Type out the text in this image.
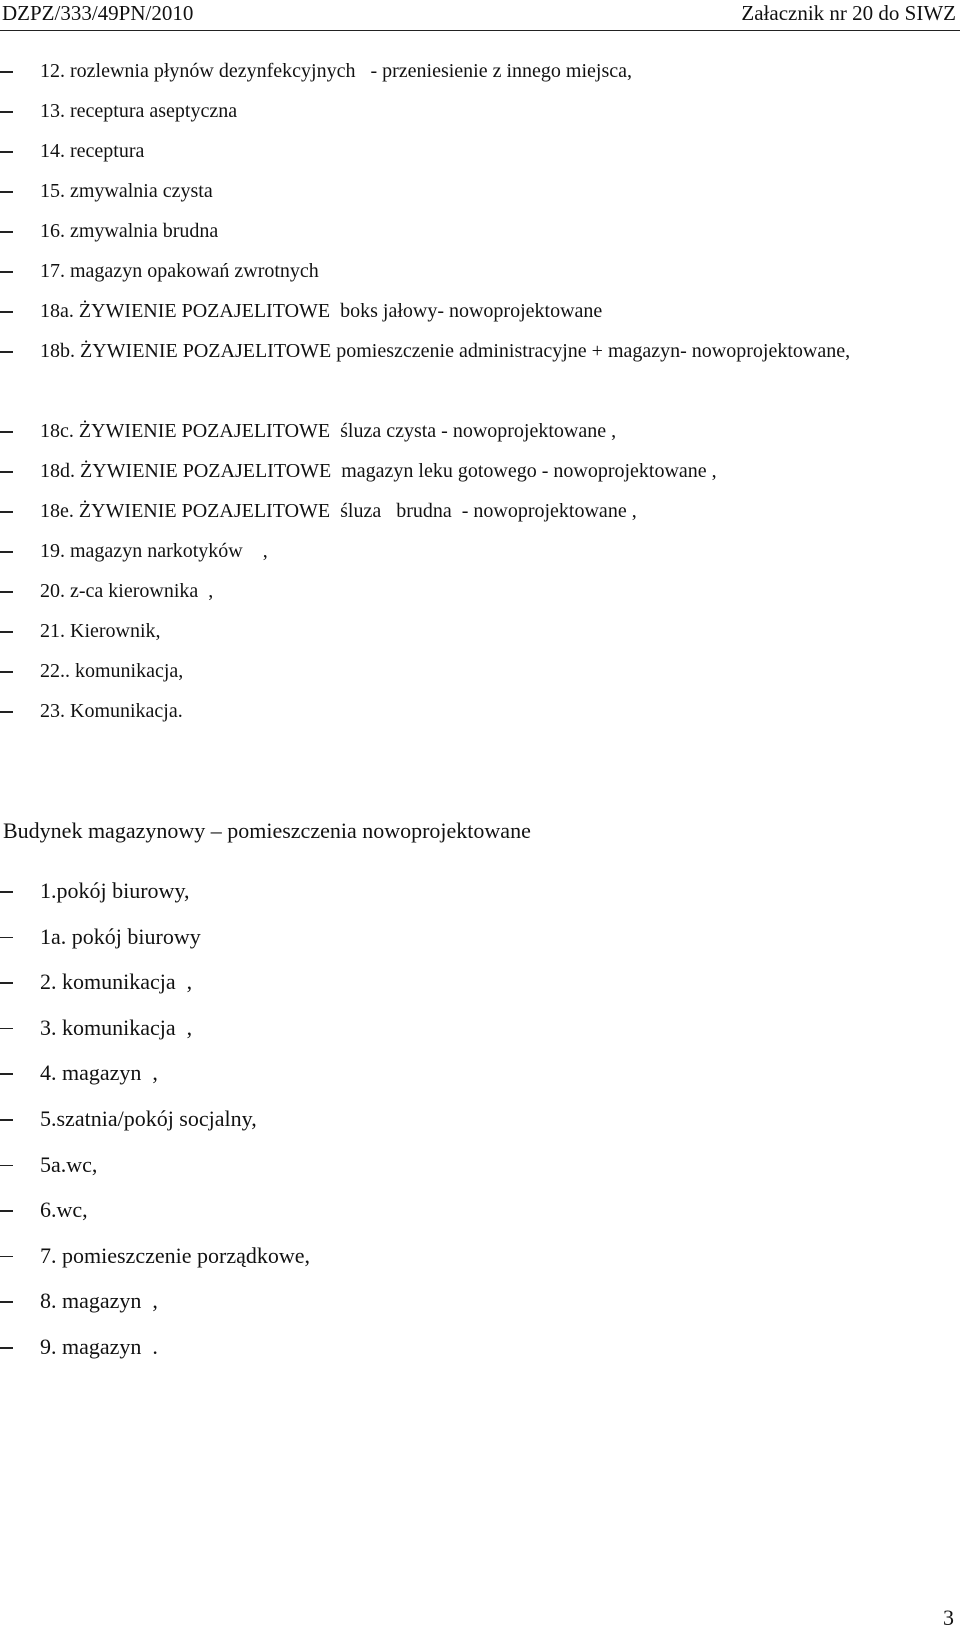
DZPZ/333/49PN/2010	Załacznik nr 20 do SIWZ
12. rozlewnia płynów dezynfekcyjnych   - przeniesienie z innego miejsca,
13. receptura aseptyczna
14. receptura
15. zmywalnia czysta
16. zmywalnia brudna
17. magazyn opakowań zwrotnych
18a. ŻYWIENIE POZAJELITOWE  boks jałowy- nowoprojektowane
18b. ŻYWIENIE POZAJELITOWE pomieszczenie administracyjne + magazyn- nowoprojektowane,
18c. ŻYWIENIE POZAJELITOWE  śluza czysta - nowoprojektowane ,
18d. ŻYWIENIE POZAJELITOWE  magazyn leku gotowego - nowoprojektowane ,
18e. ŻYWIENIE POZAJELITOWE  śluza   brudna  - nowoprojektowane ,
19. magazyn narkotyków    ,
20. z-ca kierownika  ,
21. Kierownik,
22.. komunikacja,
23. Komunikacja.
Budynek magazynowy – pomieszczenia nowoprojektowane
1.pokój biurowy,
1a. pokój biurowy
2. komunikacja  ,
3. komunikacja  ,
4. magazyn  ,
5.szatnia/pokój socjalny,
5a.wc,
6.wc,
7. pomieszczenie porządkowe,
8. magazyn  ,
9. magazyn  .
3
